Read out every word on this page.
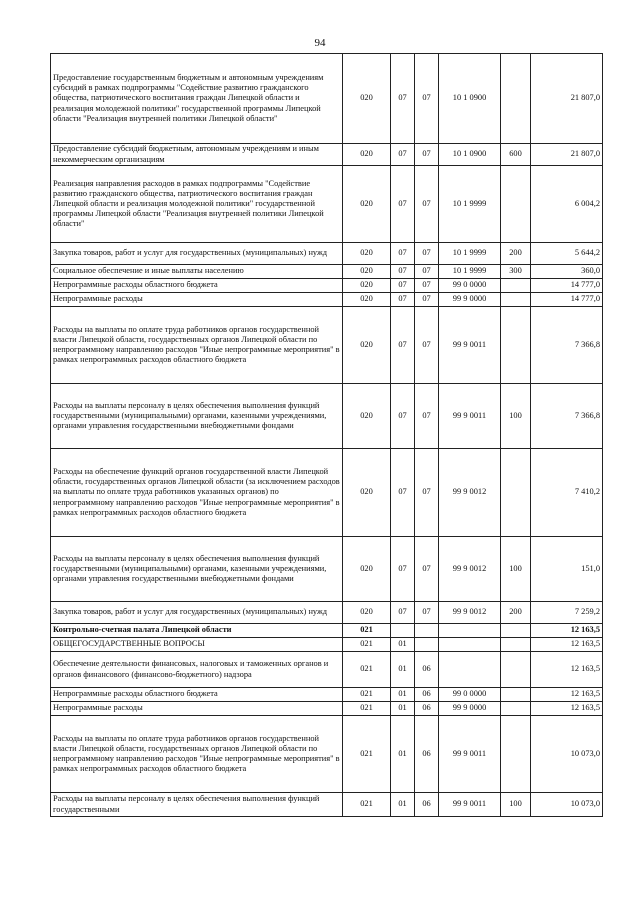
94
Предоставление государственным бюджетным и автономным учреждениям субсидий в рамках подпрограммы "Содействие развитию гражданского общества, патриотического воспитания граждан Липецкой области и реализация молодежной политики" государственной программы Липецкой области "Реализация внутренней политики Липецкой области"	020	07	07	10 1 0900		21 807,0
Предоставление субсидий бюджетным, автономным учреждениям и иным некоммерческим организациям	020	07	07	10 1 0900	600	21 807,0
Реализация направления расходов в рамках подпрограммы "Содействие развитию гражданского общества, патриотического воспитания граждан Липецкой области и реализация молодежной политики" государственной программы Липецкой области "Реализация внутренней политики Липецкой области"	020	07	07	10 1 9999		6 004,2
Закупка товаров, работ и услуг для государственных (муниципальных) нужд	020	07	07	10 1 9999	200	5 644,2
Социальное обеспечение и иные выплаты населению	020	07	07	10 1 9999	300	360,0
Непрограммные расходы областного бюджета	020	07	07	99 0 0000		14 777,0
Непрограммные расходы	020	07	07	99 9 0000		14 777,0
Расходы на выплаты по оплате труда работников органов государственной власти Липецкой области, государственных органов Липецкой области по непрограммному направлению расходов "Иные непрограммные мероприятия" в рамках непрограммных расходов областного бюджета	020	07	07	99 9 0011		7 366,8
Расходы на выплаты персоналу в целях обеспечения выполнения функций государственными (муниципальными) органами, казенными учреждениями, органами управления государственными внебюджетными фондами	020	07	07	99 9 0011	100	7 366,8
Расходы на обеспечение функций органов государственной власти Липецкой области, государственных органов Липецкой области (за исключением расходов на выплаты по оплате труда работников указанных органов) по непрограммному направлению расходов "Иные непрограммные мероприятия" в рамках непрограммных расходов областного бюджета	020	07	07	99 9 0012		7 410,2
Расходы на выплаты персоналу в целях обеспечения выполнения функций государственными (муниципальными) органами, казенными учреждениями, органами управления государственными внебюджетными фондами	020	07	07	99 9 0012	100	151,0
Закупка товаров, работ и услуг для государственных (муниципальных) нужд	020	07	07	99 9 0012	200	7 259,2
Контрольно-счетная палата Липецкой области	021					12 163,5
ОБЩЕГОСУДАРСТВЕННЫЕ ВОПРОСЫ	021	01				12 163,5
Обеспечение деятельности финансовых, налоговых и таможенных органов и органов финансового (финансово-бюджетного) надзора	021	01	06			12 163,5
Непрограммные расходы областного бюджета	021	01	06	99 0 0000		12 163,5
Непрограммные расходы	021	01	06	99 9 0000		12 163,5
Расходы на выплаты по оплате труда работников органов государственной власти Липецкой области, государственных органов Липецкой области по непрограммному направлению расходов "Иные непрограммные мероприятия" в рамках непрограммных расходов областного бюджета	021	01	06	99 9 0011		10 073,0
Расходы на выплаты персоналу в целях обеспечения выполнения функций государственными	021	01	06	99 9 0011	100	10 073,0
